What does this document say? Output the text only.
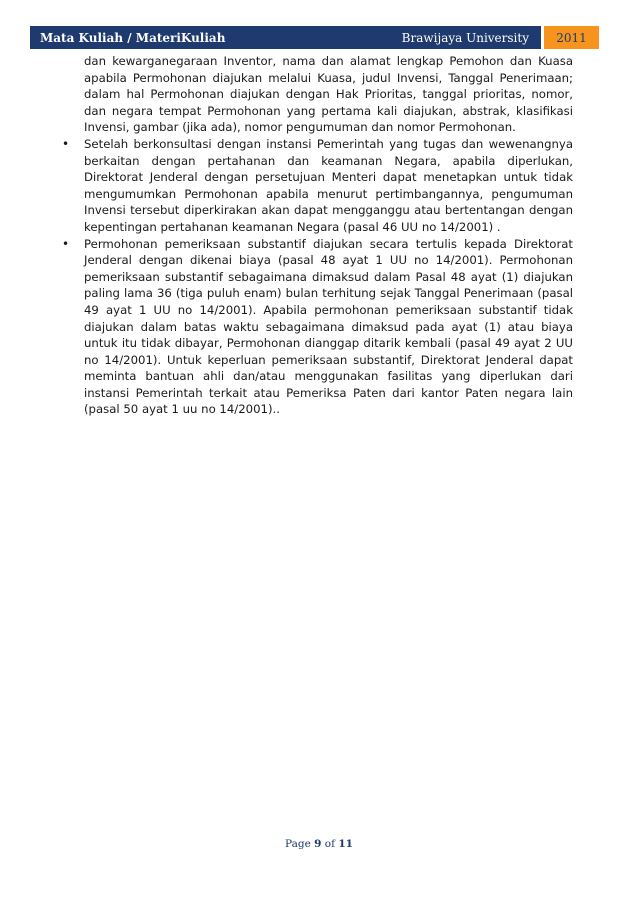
Mata Kuliah / MateriKuliah	Brawijaya University	2011

dan kewarganegaraan Inventor, nama dan alamat lengkap Pemohon dan Kuasa apabila Permohonan diajukan melalui Kuasa, judul Invensi, Tanggal Penerimaan; dalam hal Permohonan diajukan dengan Hak Prioritas, tanggal prioritas, nomor, dan negara tempat Permohonan yang pertama kali diajukan, abstrak, klasifikasi Invensi, gambar (jika ada), nomor pengumuman dan nomor Permohonan.

• Setelah berkonsultasi dengan instansi Pemerintah yang tugas dan wewenangnya berkaitan dengan pertahanan dan keamanan Negara, apabila diperlukan, Direktorat Jenderal dengan persetujuan Menteri dapat menetapkan untuk tidak mengumumkan Permohonan apabila menurut pertimbangannya, pengumuman Invensi tersebut diperkirakan akan dapat mengganggu atau bertentangan dengan kepentingan pertahanan keamanan Negara (pasal 46 UU no 14/2001) .
• Permohonan pemeriksaan substantif diajukan secara tertulis kepada Direktorat Jenderal dengan dikenai biaya (pasal 48 ayat 1 UU no 14/2001). Permohonan pemeriksaan substantif sebagaimana dimaksud dalam Pasal 48 ayat (1) diajukan paling lama 36 (tiga puluh enam) bulan terhitung sejak Tanggal Penerimaan (pasal 49 ayat 1 UU no 14/2001). Apabila permohonan pemeriksaan substantif tidak diajukan dalam batas waktu sebagaimana dimaksud pada ayat (1) atau biaya untuk itu tidak dibayar, Permohonan dianggap ditarik kembali (pasal 49 ayat 2 UU no 14/2001). Untuk keperluan pemeriksaan substantif, Direktorat Jenderal dapat meminta bantuan ahli dan/atau menggunakan fasilitas yang diperlukan dari instansi Pemerintah terkait atau Pemeriksa Paten dari kantor Paten negara lain (pasal 50 ayat 1 uu no 14/2001)..
Page 9 of 11
